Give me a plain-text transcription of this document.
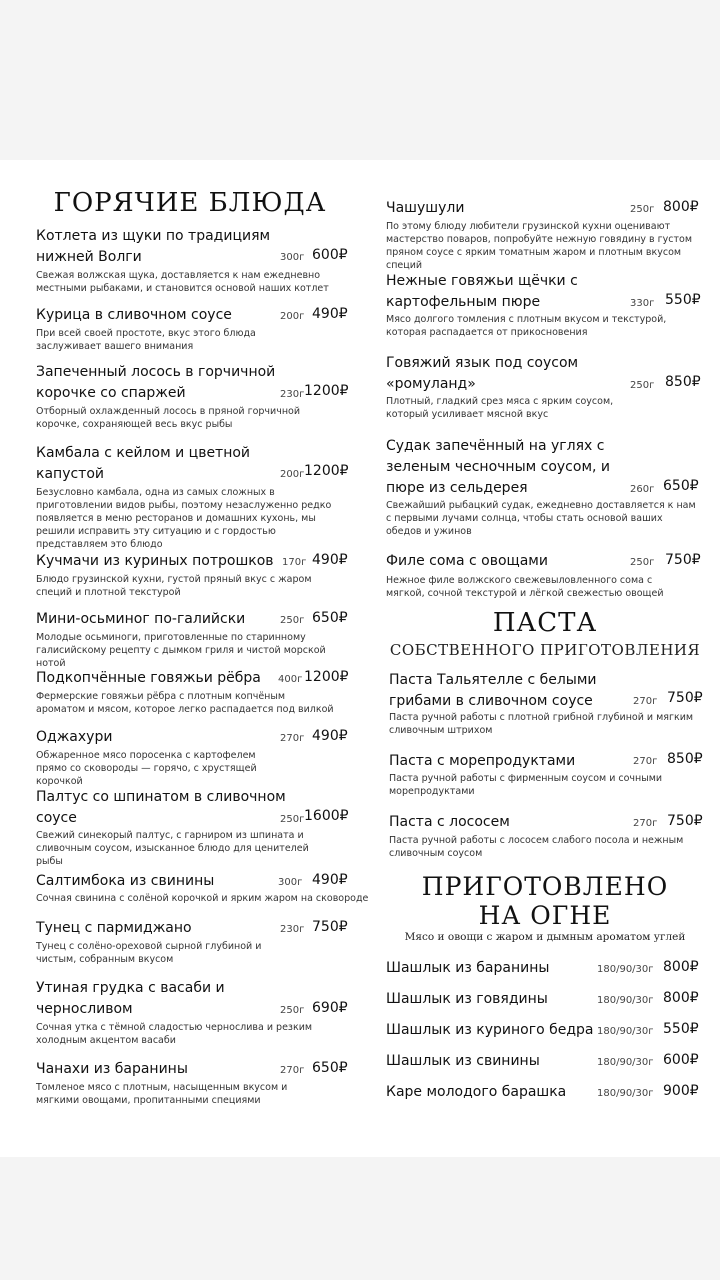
ГОРЯЧИЕ БЛЮДА
Котлета из щуки по традициям нижней Волги	300г 600₽
Свежая волжская щука, доставляется к нам ежедневно местными рыбаками, и становится основой наших котлет
Курица в сливочном соусе	200г 490₽
При всей своей простоте, вкус этого блюда заслуживает вашего внимания
Запеченный лосось в горчичной корочке со спаржей	230г 1200₽
Отборный охлажденный лосось в пряной горчичной корочке, сохраняющей весь вкус рыбы
Камбала с кейлом и цветной капустой	200г 1200₽
Безусловно камбала, одна из самых сложных в приготовлении видов рыбы, поэтому незаслуженно редко появляется в меню ресторанов и домашних кухонь, мы решили исправить эту ситуацию и с гордостью представляем это блюдо
Кучмачи из куриных потрошков 170г 490₽
Блюдо грузинской кухни, густой пряный вкус с жаром специй и плотной текстурой
Мини-осьминог по-галийски	250г 650₽
Молодые осьминоги, приготовленные по старинному галисийскому рецепту с дымком гриля и чистой морской нотой
Подкопчённые говяжьи рёбра	400г 1200₽
Фермерские говяжьи рёбра с плотным копчёным ароматом и мясом, которое легко распадается под вилкой
Оджахури	270г 490₽
Обжаренное мясо поросенка с картофелем прямо со сковороды — горячо, с хрустящей корочкой
Палтус со шпинатом в сливочном соусе	250г 1600₽
Свежий синекорый палтус, с гарниром из шпината и сливочным соусом, изысканное блюдо для ценителей рыбы
Салтимбока из свинины	300г 490₽
Сочная свинина с солёной корочкой и ярким жаром на сковороде
Тунец с пармиджано	230г 750₽
Тунец с солёно-ореховой сырной глубиной и чистым, собранным вкусом
Утиная грудка с васаби и черносливом	250г 690₽
Сочная утка с тёмной сладостью чернослива и резким холодным акцентом васаби
Чанахи из баранины	270г 650₽
Томленое мясо с плотным, насыщенным вкусом и мягкими овощами, пропитанными специями
Чашушули	250г 800₽
По этому блюду любители грузинской кухни оценивают мастерство поваров, попробуйте нежную говядину в густом пряном соусе с ярким томатным жаром и плотным вкусом специй
Нежные говяжьи щёчки с картофельным пюре	330г 550₽
Мясо долгого томления с плотным вкусом и текстурой, которая распадается от прикосновения
Говяжий язык под соусом «ромуланд»	250г 850₽
Плотный, гладкий срез мяса с ярким соусом, который усиливает мясной вкус
Судак запечённый на углях с зеленым чесночным соусом, и пюре из сельдерея	260г 650₽
Свежайший рыбацкий судак, ежедневно доставляется к нам с первыми лучами солнца, чтобы стать основой ваших обедов и ужинов
Филе сома с овощами	250г 750₽
Нежное филе волжского свежевыловленного сома с мягкой, сочной текстурой и лёгкой свежестью овощей
ПАСТА
СОБСТВЕННОГО ПРИГОТОВЛЕНИЯ
Паста Тальятелле с белыми грибами в сливочном соусе	270г 750₽
Паста ручной работы с плотной грибной глубиной и мягким сливочным штрихом
Паста с морепродуктами	270г 850₽
Паста ручной работы с фирменным соусом и сочными морепродуктами
Паста с лососем	270г 750₽
Паста ручной работы с лососем слабого посола и нежным сливочным соусом
ПРИГОТОВЛЕНО
НА ОГНЕ
Мясо и овощи с жаром и дымным ароматом углей
Шашлык из баранины	180/90/30г 800₽
Шашлык из говядины	180/90/30г 800₽
Шашлык из куриного бедра 180/90/30г 550₽
Шашлык из свинины	180/90/30г 600₽
Каре молодого барашка	180/90/30г 900₽
